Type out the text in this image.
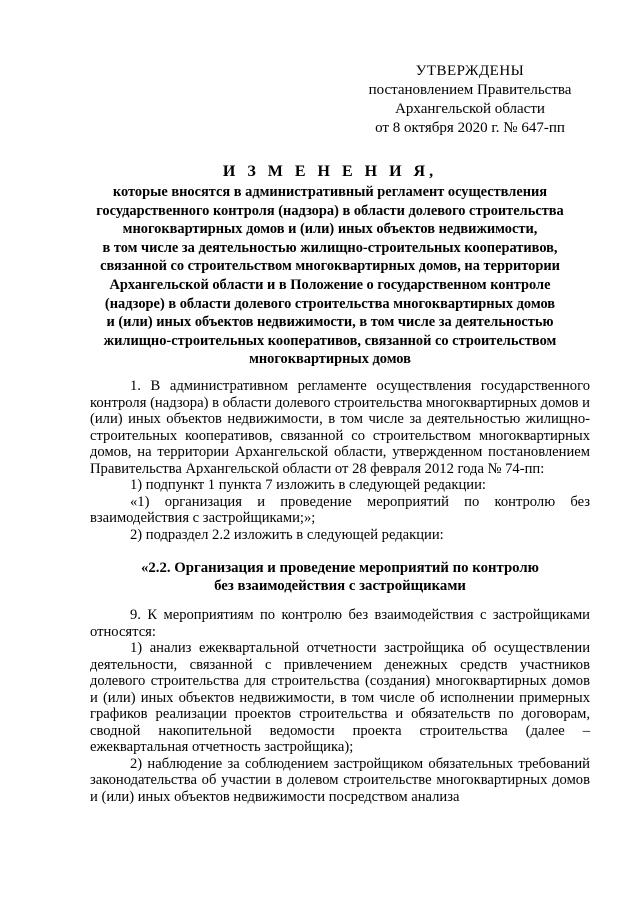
УТВЕРЖДЕНЫ
постановлением Правительства
Архангельской области
от 8 октября 2020 г. № 647-пп
И З М Е Н Е Н И Я,
которые вносятся в административный регламент осуществления
государственного контроля (надзора) в области долевого строительства
многоквартирных домов и (или) иных объектов недвижимости,
в том числе за деятельностью жилищно-строительных кооперативов,
связанной со строительством многоквартирных домов, на территории
Архангельской области и в Положение о государственном контроле
(надзоре) в области долевого строительства многоквартирных домов
и (или) иных объектов недвижимости, в том числе за деятельностью
жилищно-строительных кооперативов, связанной со строительством
многоквартирных домов

1. В административном регламенте осуществления государственного контроля (надзора) в области долевого строительства многоквартирных домов и (или) иных объектов недвижимости, в том числе за деятельностью жилищно-строительных кооперативов, связанной со строительством многоквартирных домов, на территории Архангельской области, утвержденном постановлением Правительства Архангельской области от 28 февраля 2012 года № 74-пп:

1) подпункт 1 пункта 7 изложить в следующей редакции:

«1) организация и проведение мероприятий по контролю без взаимодействия с застройщиками;»;

2) подраздел 2.2 изложить в следующей редакции:

«2.2. Организация и проведение мероприятий по контролю
без взаимодействия с застройщиками

9. К мероприятиям по контролю без взаимодействия с застройщиками относятся:

1) анализ ежеквартальной отчетности застройщика об осуществлении деятельности, связанной с привлечением денежных средств участников долевого строительства для строительства (создания) многоквартирных домов и (или) иных объектов недвижимости, в том числе об исполнении примерных графиков реализации проектов строительства и обязательств по договорам, сводной накопительной ведомости проекта строительства (далее – ежеквартальная отчетность застройщика);

2) наблюдение за соблюдением застройщиком обязательных требований законодательства об участии в долевом строительстве многоквартирных домов и (или) иных объектов недвижимости посредством анализа
